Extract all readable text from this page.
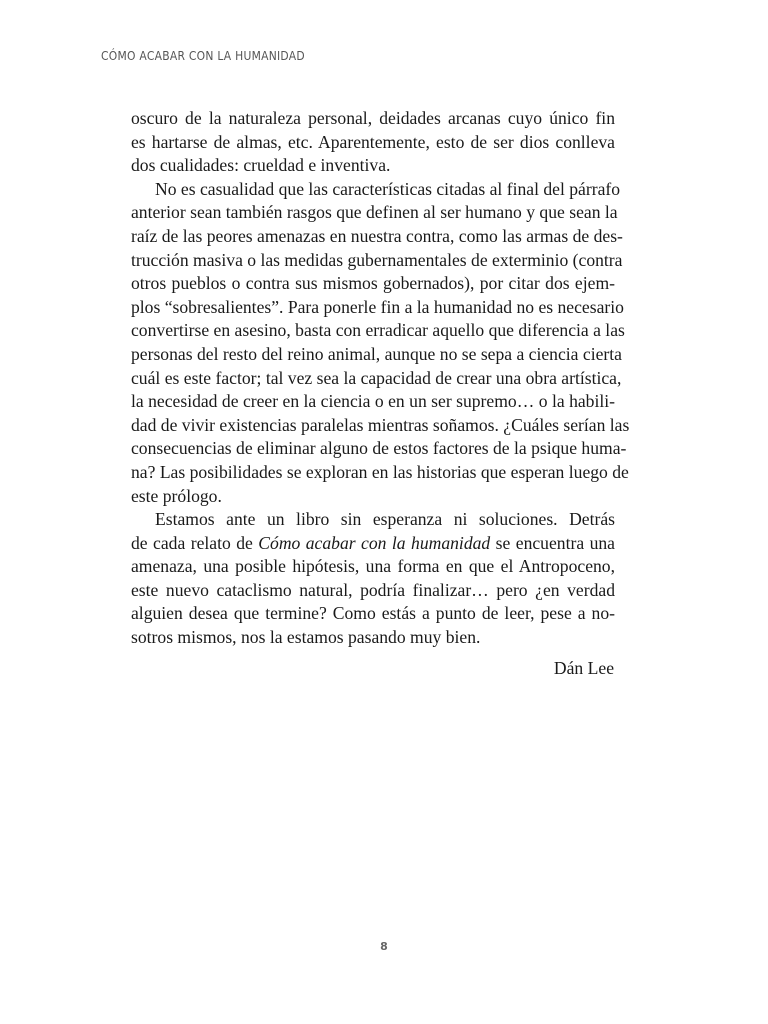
CÓMO ACABAR CON LA HUMANIDAD
oscuro de la naturaleza personal, deidades arcanas cuyo único fin
es hartarse de almas, etc. Aparentemente, esto de ser dios conlleva
dos cualidades: crueldad e inventiva.
No es casualidad que las características citadas al final del párrafo
anterior sean también rasgos que definen al ser humano y que sean la
raíz de las peores amenazas en nuestra contra, como las armas de des-
trucción masiva o las medidas gubernamentales de exterminio (contra
otros pueblos o contra sus mismos gobernados), por citar dos ejem-
plos “sobresalientes”. Para ponerle fin a la humanidad no es necesario
convertirse en asesino, basta con erradicar aquello que diferencia a las
personas del resto del reino animal, aunque no se sepa a ciencia cierta
cuál es este factor; tal vez sea la capacidad de crear una obra artística,
la necesidad de creer en la ciencia o en un ser supremo… o la habili-
dad de vivir existencias paralelas mientras soñamos. ¿Cuáles serían las
consecuencias de eliminar alguno de estos factores de la psique huma-
na? Las posibilidades se exploran en las historias que esperan luego de
este prólogo.
Estamos ante un libro sin esperanza ni soluciones. Detrás
de cada relato de Cómo acabar con la humanidad se encuentra una
amenaza, una posible hipótesis, una forma en que el Antropoceno,
este nuevo cataclismo natural, podría finalizar… pero ¿en verdad
alguien desea que termine? Como estás a punto de leer, pese a no-
sotros mismos, nos la estamos pasando muy bien.
Dán Lee
8
